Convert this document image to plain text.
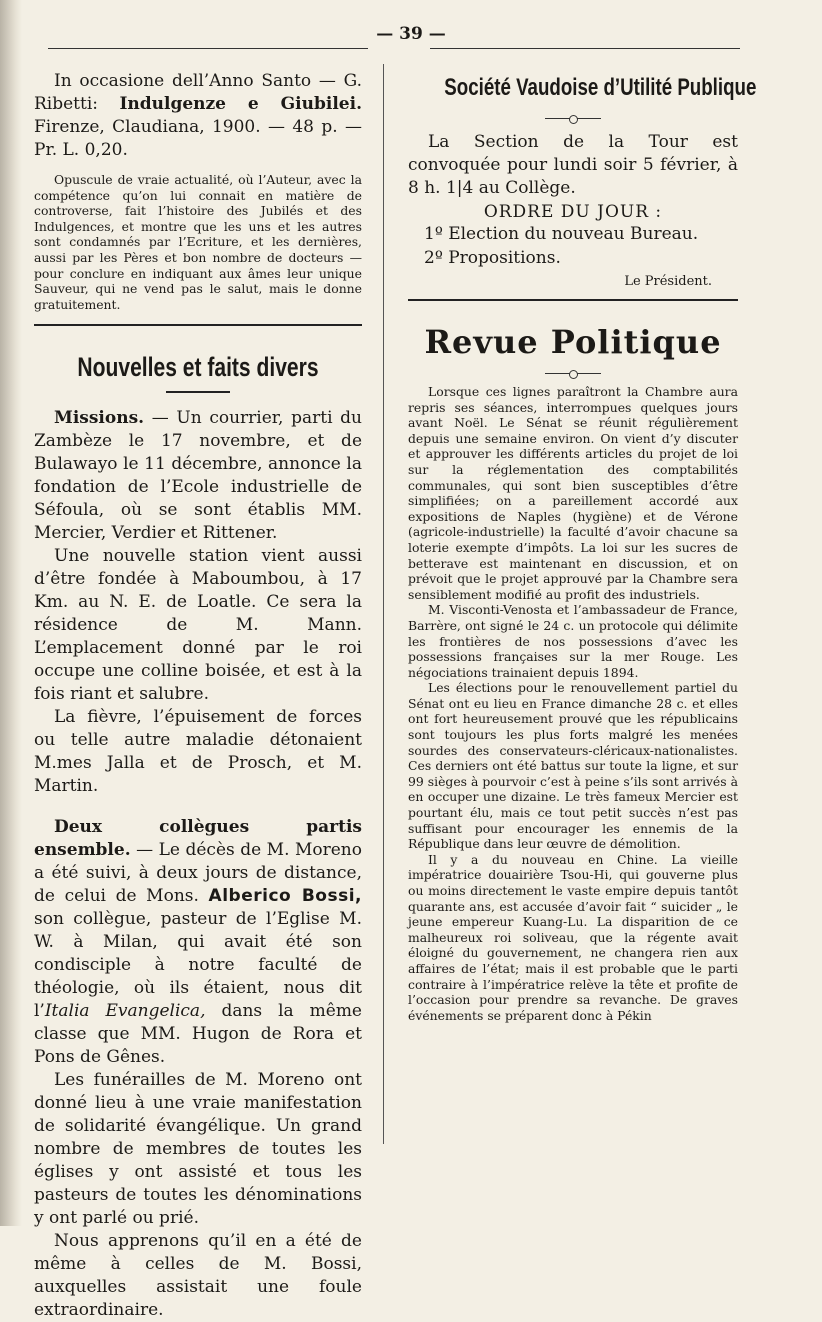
— 39 —

In occasione dell’Anno Santo — G. Ribetti: Indulgenze e Giubilei. Firenze, Claudiana, 1900. — 48 p. — Pr. L. 0,20.

Opuscule de vraie actualité, où l’Auteur, avec la compétence qu’on lui connait en matière de controverse, fait l’histoire des Jubilés et des Indulgences, et montre que les uns et les autres sont condamnés par l’Ecriture, et les dernières, aussi par les Pères et bon nombre de docteurs — pour conclure en indiquant aux âmes leur unique Sauveur, qui ne vend pas le salut, mais le donne gratuitement.

Nouvelles et faits divers

Missions. — Un courrier, parti du Zambèze le 17 novembre, et de Bulawayo le 11 décembre, annonce la fondation de l’Ecole industrielle de Séfoula, où se sont établis MM. Mercier, Verdier et Rittener.

Une nouvelle station vient aussi d’être fondée à Maboumbou, à 17 Km. au N. E. de Loatle. Ce sera la résidence de M. Mann. L’emplacement donné par le roi occupe une colline boisée, et est à la fois riant et salubre.

La fièvre, l’épuisement de forces ou telle autre maladie détonaient M.mes Jalla et de Prosch, et M. Martin.

Deux collègues partis ensemble. — Le décès de M. Moreno a été suivi, à deux jours de distance, de celui de Mons. Alberico Bossi, son collègue, pasteur de l’Eglise M. W. à Milan, qui avait été son condisciple à notre faculté de théologie, où ils étaient, nous dit l’Italia Evangelica, dans la même classe que MM. Hugon de Rora et Pons de Gênes.

Les funérailles de M. Moreno ont donné lieu à une vraie manifestation de solidarité évangélique. Un grand nombre de membres de toutes les églises y ont assisté et tous les pasteurs de toutes les dénominations y ont parlé ou prié.

Nous apprenons qu’il en a été de même à celles de M. Bossi, auxquelles assistait une foule extraordinaire.

Société Vaudoise d’Utilité Publique

La Section de la Tour est convoquée pour lundi soir 5 février, à 8 h. 1|4 au Collège.

ORDRE DU JOUR :

1º Election du nouveau Bureau.

2º Propositions.

Le Président.

Revue Politique

Lorsque ces lignes paraîtront la Chambre aura repris ses séances, interrompues quelques jours avant Noël. Le Sénat se réunit régulièrement depuis une semaine environ. On vient d’y discuter et approuver les différents articles du projet de loi sur la réglementation des comptabilités communales, qui sont bien susceptibles d’être simplifiées; on a pareillement accordé aux expositions de Naples (hygiène) et de Vérone (agricole-industrielle) la faculté d’avoir chacune sa loterie exempte d’impôts. La loi sur les sucres de betterave est maintenant en discussion, et on prévoit que le projet approuvé par la Chambre sera sensiblement modifié au profit des industriels.

M. Visconti-Venosta et l’ambassadeur de France, Barrère, ont signé le 24 c. un protocole qui délimite les frontières de nos possessions d’avec les possessions françaises sur la mer Rouge. Les négociations trainaient depuis 1894.

Les élections pour le renouvellement partiel du Sénat ont eu lieu en France dimanche 28 c. et elles ont fort heureusement prouvé que les républicains sont toujours les plus forts malgré les menées sourdes des conservateurs-cléricaux-nationalistes. Ces derniers ont été battus sur toute la ligne, et sur 99 sièges à pourvoir c’est à peine s’ils sont arrivés à en occuper une dizaine. Le très fameux Mercier est pourtant élu, mais ce tout petit succès n’est pas suffisant pour encourager les ennemis de la République dans leur œuvre de démolition.

Il y a du nouveau en Chine. La vieille impératrice douairière Tsou-Hi, qui gouverne plus ou moins directement le vaste empire depuis tantôt quarante ans, est accusée d’avoir fait “ suicider „ le jeune empereur Kuang-Lu. La disparition de ce malheureux roi soliveau, que la régente avait éloigné du gouvernement, ne changera rien aux affaires de l’état; mais il est probable que le parti contraire à l’impératrice relève la tête et profite de l’occasion pour prendre sa revanche. De graves événements se préparent donc à Pékin
